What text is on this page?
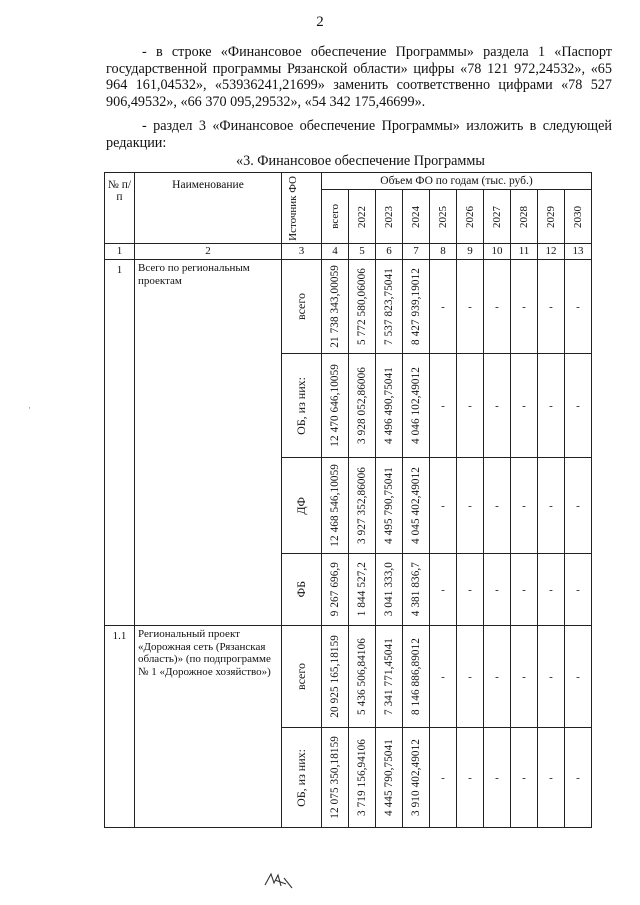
2
- в строке «Финансовое обеспечение Программы» раздела 1 «Паспорт государственной программы Рязанской области» цифры «78 121 972,24532», «65 964 161,04532», «53936241,21699» заменить соответственно цифрами «78 527 906,49532», «66 370 095,29532», «54 342 175,46699».
- раздел 3 «Финансовое обеспечение Программы» изложить в следующей редакции:
«3. Финансовое обеспечение Программы
№ п/п	Наименование	Источник ФО	Объем ФО по годам (тыс. руб.)									

			всего	2022	2023	2024	2025	2026	2027	2028	2029	2030

1	2	3	4	5	6	7	8	9	10	11	12	13
1	Всего по региональным проектам	всего	21 738 343,00059	5 772 580,06006	7 537 823,75041	8 427 939,19012	-	-	-	-	-	-

		ОБ, из них:	12 470 646,10059	3 928 052,86006	4 496 490,75041	4 046 102,49012	-	-	-	-	-	-

		ДФ	12 468 546,10059	3 927 352,86006	4 495 790,75041	4 045 402,49012	-	-	-	-	-	-

		ФБ	9 267 696,9	1 844 527,2	3 041 333,0	4 381 836,7	-	-	-	-	-	-
1.1	Региональный проект «Дорожная сеть (Рязанская область)» (по подпрограмме № 1 «Дорожное хозяйство»)	всего	20 925 165,18159	5 436 506,84106	7 341 771,45041	8 146 886,89012	-	-	-	-	-	-

		ОБ, из них:	12 075 350,18159	3 719 156,94106	4 445 790,75041	3 910 402,49012	-	-	-	-	-	-
·
